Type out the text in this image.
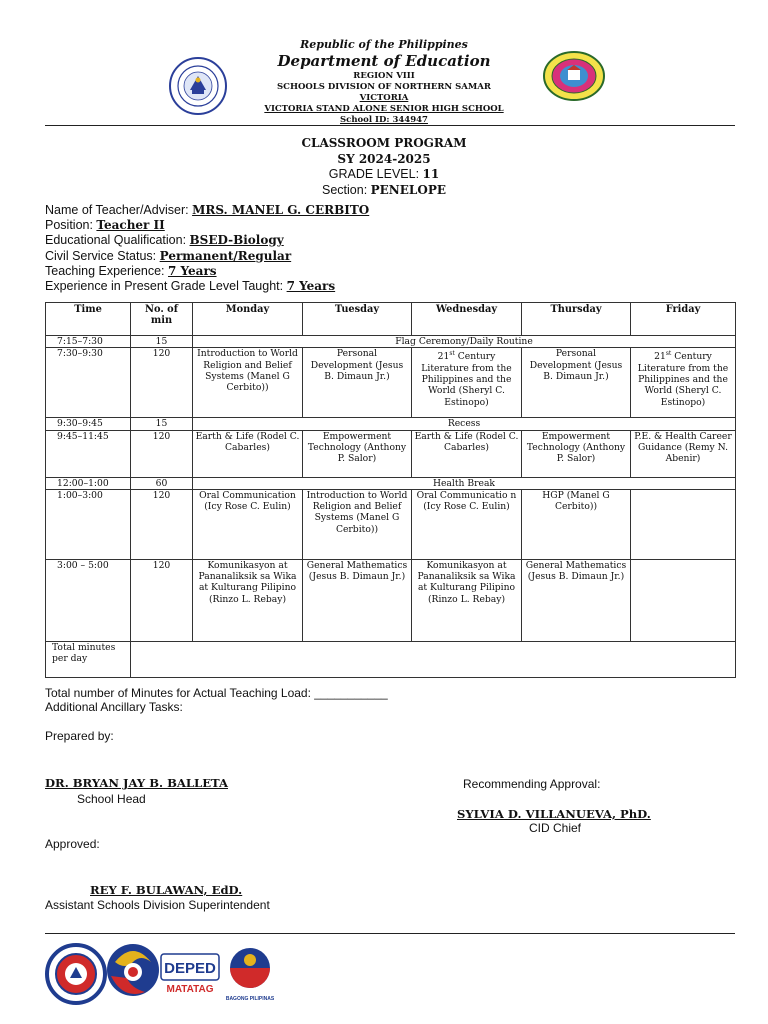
Republic of the Philippines
Department of Education
REGION VIII
SCHOOLS DIVISION OF NORTHERN SAMAR
VICTORIA
VICTORIA STAND ALONE SENIOR HIGH SCHOOL
School ID: 344947
CLASSROOM PROGRAM
SY 2024-2025
GRADE LEVEL: 11
Section: PENELOPE
Name of Teacher/Adviser: MRS. MANEL G. CERBITO
Position: Teacher II
Educational Qualification: BSED-Biology
Civil Service Status: Permanent/Regular
Teaching Experience: 7 Years
Experience in Present Grade Level Taught: 7 Years
Time	No. of min	Monday	Tuesday	Wednesday	Thursday	Friday
7:15–7:30	15	Flag Ceremony/Daily Routine				
7:30–9:30	120	Introduction to World Religion and Belief Systems (Manel G Cerbito))	Personal Development (Jesus B. Dimaun Jr.)	21st Century Literature from the Philippines and the World (Sheryl C. Estinopo)	Personal Development (Jesus B. Dimaun Jr.)	21st Century Literature from the Philippines and the World (Sheryl C. Estinopo)
9:30–9:45	15	Recess				
9:45–11:45	120	Earth & Life (Rodel C. Cabarles)	Empowerment Technology (Anthony P. Salor)	Earth & Life (Rodel C. Cabarles)	Empowerment Technology (Anthony P. Salor)	P.E. & Health Career Guidance (Remy N. Abenir)
12:00–1:00	60	Health Break				
1:00–3:00	120	Oral Communication (Icy Rose C. Eulin)	Introduction to World Religion and Belief Systems (Manel G Cerbito))	Oral Communicatio n (Icy Rose C. Eulin)	HGP (Manel G Cerbito))	
3:00 – 5:00	120	Komunikasyon at Pananaliksik sa Wika at Kulturang Pilipino (Rinzo L. Rebay)	General Mathematics (Jesus B. Dimaun Jr.)	Komunikasyon at Pananaliksik sa Wika at Kulturang Pilipino (Rinzo L. Rebay)	General Mathematics (Jesus B. Dimaun Jr.)	
Total minutes per day						
Total number of Minutes for Actual Teaching Load: ___________
Additional Ancillary Tasks:
Prepared by:
DR. BRYAN JAY B. BALLETA
School Head
Recommending Approval:
SYLVIA D. VILLANUEVA, PhD.
CID Chief
Approved:
REY F. BULAWAN, EdD.
Assistant Schools Division Superintendent
DEPED
MATATAG
BAGONG PILIPINAS
